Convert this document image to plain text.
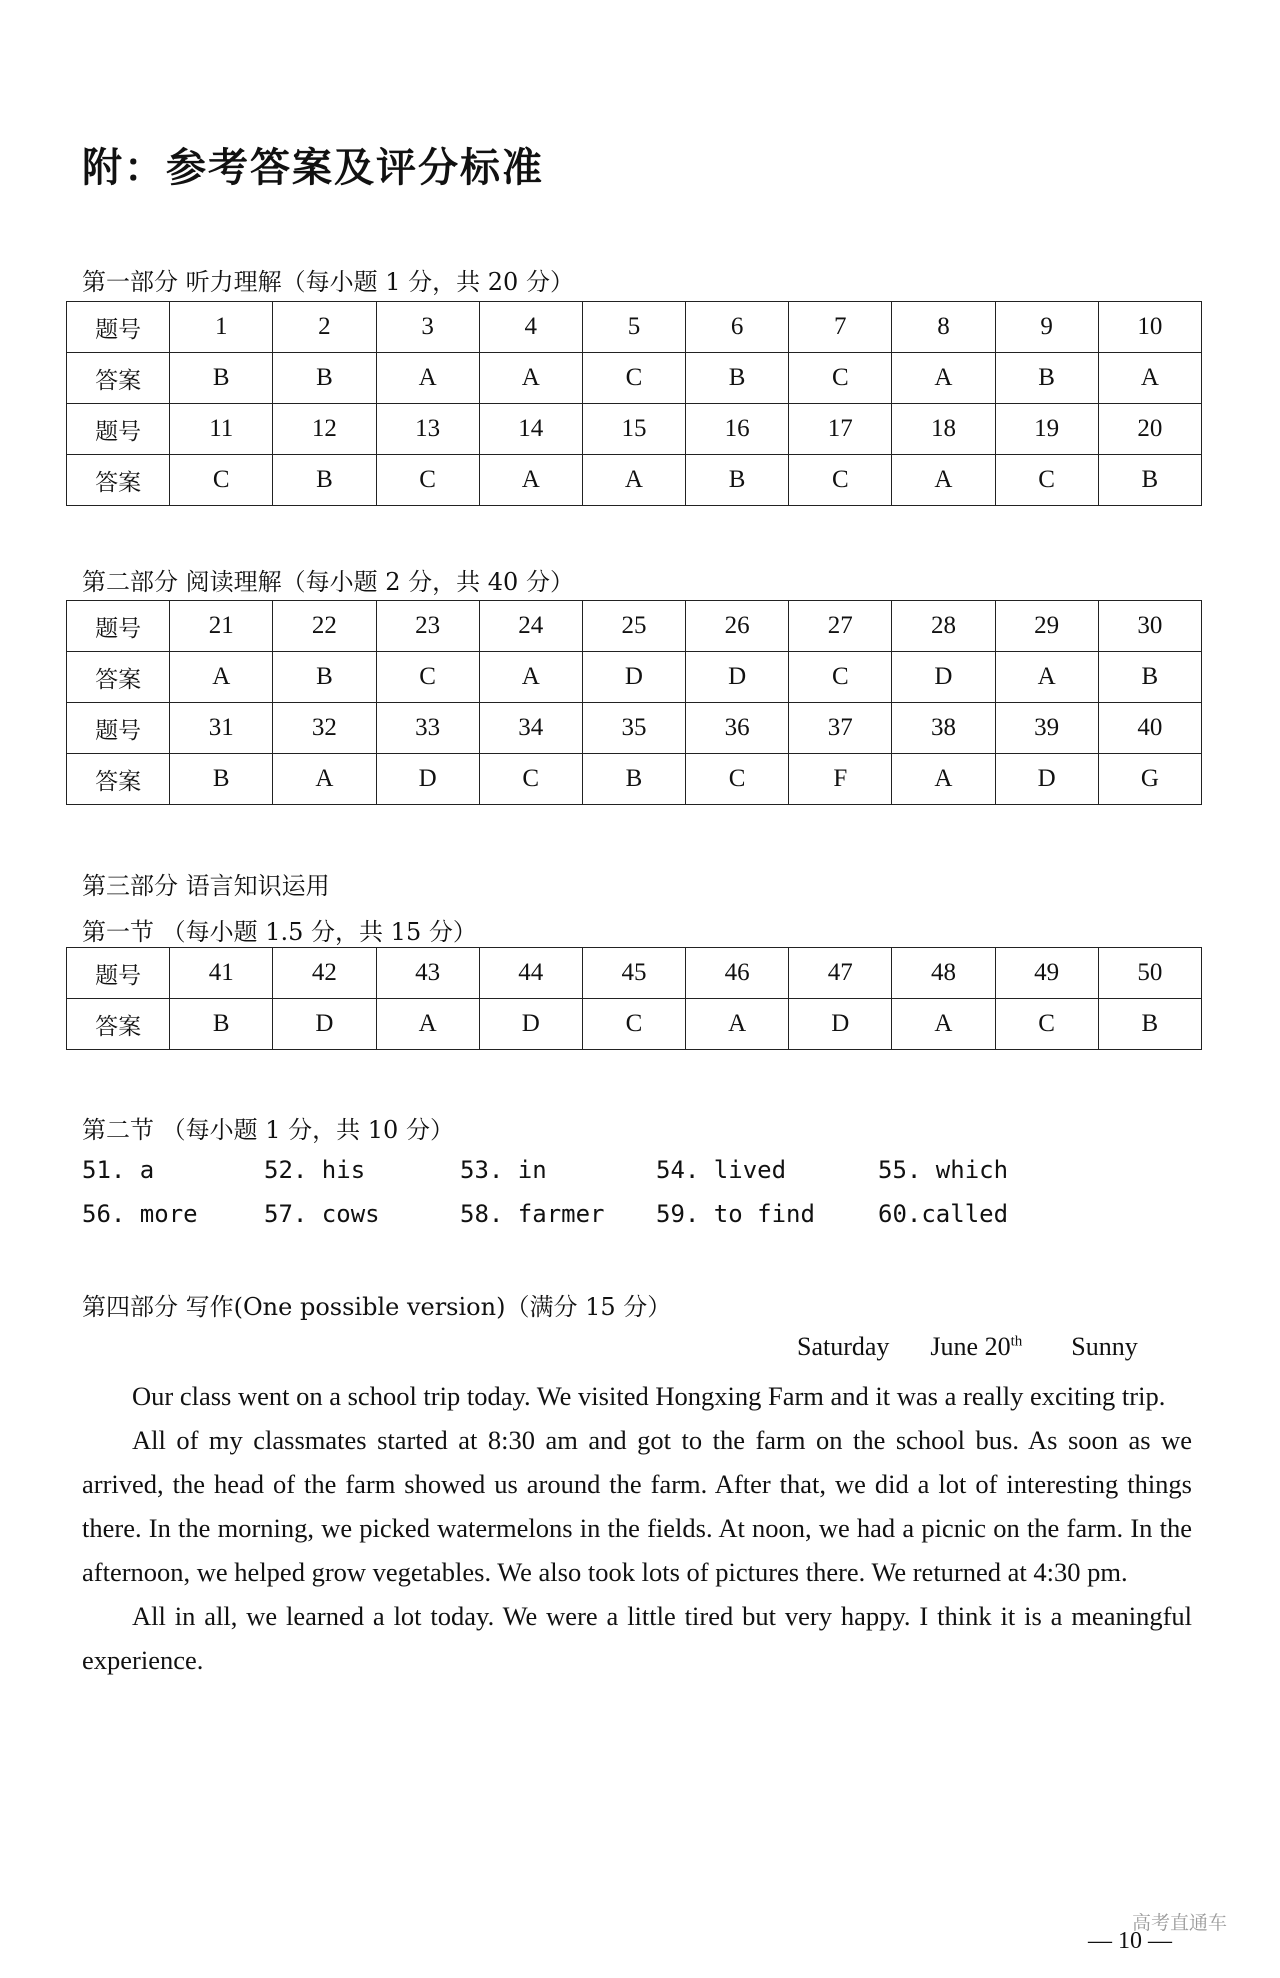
附：参考答案及评分标准
第一部分 听力理解（每小题 1 分，共 20 分）
题号	1	2	3	4	5	6	7	8	9	10
答案	B	B	A	A	C	B	C	A	B	A
题号	11	12	13	14	15	16	17	18	19	20
答案	C	B	C	A	A	B	C	A	C	B
第二部分 阅读理解（每小题 2 分，共 40 分）
题号	21	22	23	24	25	26	27	28	29	30
答案	A	B	C	A	D	D	C	D	A	B
题号	31	32	33	34	35	36	37	38	39	40
答案	B	A	D	C	B	C	F	A	D	G
第三部分 语言知识运用
第一节 （每小题 1.5 分，共 15 分）
题号	41	42	43	44	45	46	47	48	49	50
答案	B	D	A	D	C	A	D	A	C	B
第二节 （每小题 1 分，共 10 分）
51. a	52. his	53. in	54. lived	55. which
56. more	57. cows	58. farmer 59. to find	60.called
第四部分 写作(One possible version)（满分 15 分）
Saturday June 20th Sunny

Our class went on a school trip today. We visited Hongxing Farm and it was a really exciting trip.

All of my classmates started at 8:30 am and got to the farm on the school bus. As soon as we arrived, the head of the farm showed us around the farm. After that, we did a lot of interesting things there. In the morning, we picked watermelons in the fields. At noon, we had a picnic on the farm. In the afternoon, we helped grow vegetables. We also took lots of pictures there. We returned at 4:30 pm.

All in all, we learned a lot today. We were a little tired but very happy. I think it is a meaningful experience.

— 10 —
高考直通车
